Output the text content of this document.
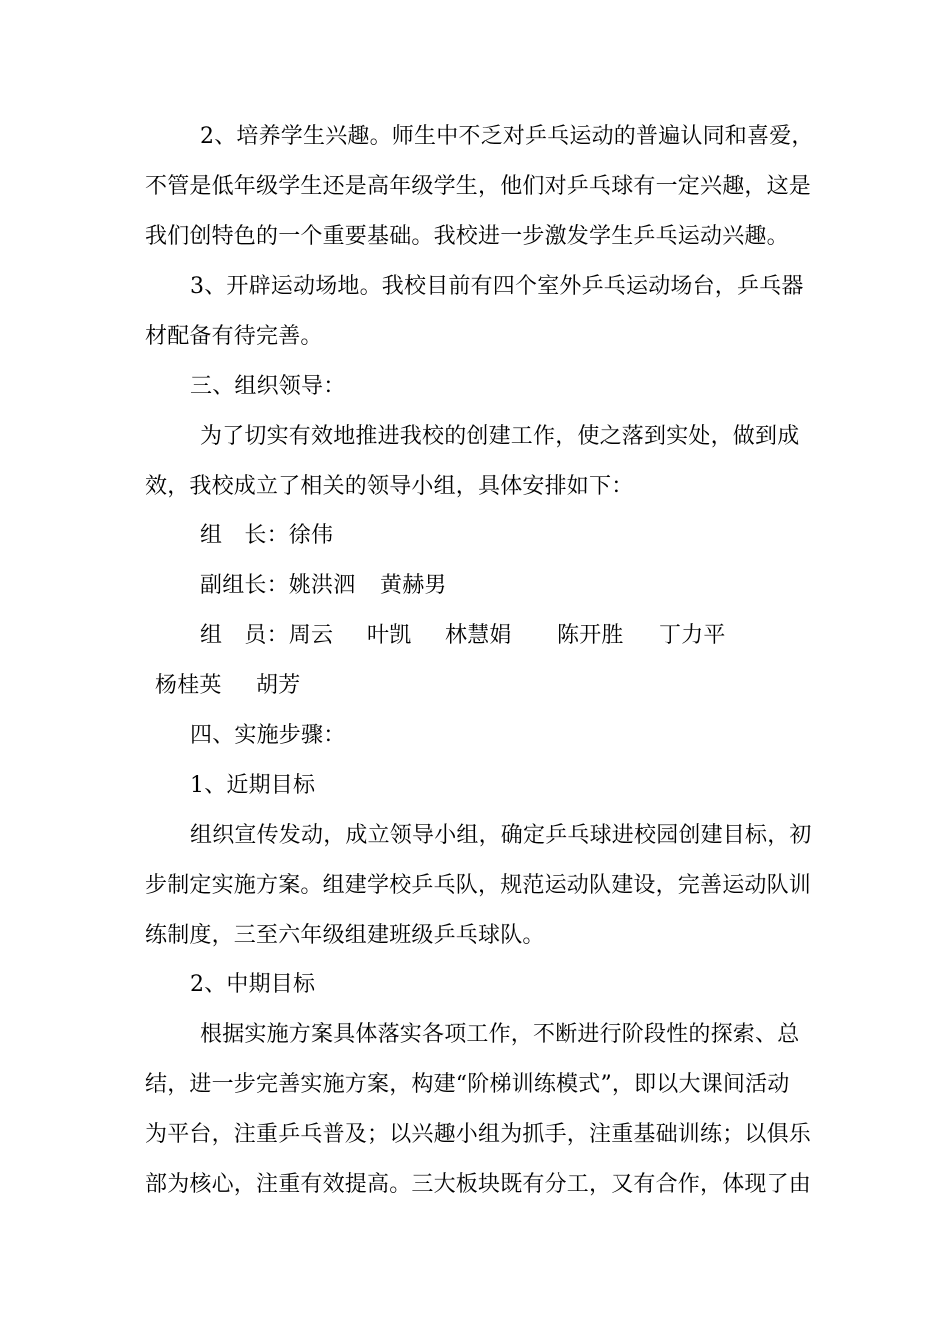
2、培养学生兴趣。师生中不乏对乒乓运动的普遍认同和喜爱，
不管是低年级学生还是高年级学生，他们对乒乓球有一定兴趣，这是
我们创特色的一个重要基础。我校进一步激发学生乒乓运动兴趣。
3、开辟运动场地。我校目前有四个室外乒乓运动场台，乒乓器
材配备有待完善。
三、组织领导：
为了切实有效地推进我校的创建工作，使之落到实处，做到成
效，我校成立了相关的领导小组，具体安排如下：
组　长：徐伟
副组长：姚洪泗 黄赫男
组　员：周云 叶凯 林慧娟 陈开胜 丁力平
杨桂英 胡芳
四、实施步骤：
1、近期目标
组织宣传发动，成立领导小组，确定乒乓球进校园创建目标，初
步制定实施方案。组建学校乒乓队，规范运动队建设，完善运动队训
练制度，三至六年级组建班级乒乓球队。
2、中期目标
根据实施方案具体落实各项工作，不断进行阶段性的探索、总
结，进一步完善实施方案，构建“阶梯训练模式”，即以大课间活动
为平台，注重乒乓普及；以兴趣小组为抓手，注重基础训练；以俱乐
部为核心，注重有效提高。三大板块既有分工，又有合作，体现了由
